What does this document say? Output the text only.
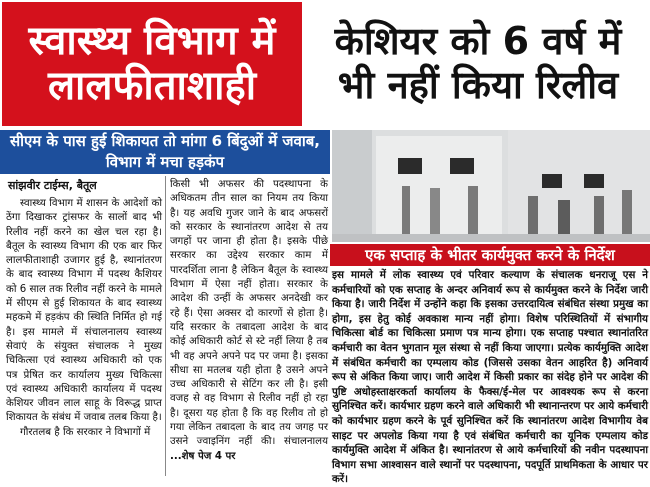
स्वास्थ्य विभाग में
लालफीताशाही
केशियर को 6 वर्ष में
भी नहीं किया रिलीव
सीएम के पास हुई शिकायत तो मांगा 6 बिंदुओं में जवाब, विभाग में मचा हड़कंप
सांझवीर टाईम्स, बैतूल

स्वास्थ्य विभाग में शासन के आदेशों को ठेंगा दिखाकर ट्रांसफर के सालों बाद भी रिलीव नहीं करने का खेल चल रहा है। बैतूल के स्वास्थ्य विभाग की एक बार फिर लालफीताशाही उजागर हुई है, स्थानांतरण के बाद स्वास्थ्य विभाग में पदस्थ कैशियर को 6 साल तक रिलीव नहीं करने के मामले में सीएम से हुई शिकायत के बाद स्वास्थ्य महकमे में हड़कंप की स्थिति निर्मित हो गई है। इस मामले में संचालनालय स्वास्थ्य सेवाएं के संयुक्त संचालक ने मुख्य चिकित्सा एवं स्वास्थ्य अधिकारी को एक पत्र प्रेषित कर कार्यालय मुख्य चिकित्सा एवं स्वास्थ्य अधिकारी कार्यालय में पदस्थ केशियर जीवन लाल साहू के विरूद्ध प्राप्त शिकायत के संबंध में जवाब तलब किया है।

गौरतलब है कि सरकार ने विभागों में

किसी भी अफसर की पदस्थापना के अधिकतम तीन साल का नियम तय किया है। यह अवधि गुजर जाने के बाद अफसरों को सरकार के स्थानांतरण आदेश से तय जगहों पर जाना ही होता है। इसके पीछे सरकार का उद्देश्य सरकार काम में पारदर्शिता लाना है लेकिन बैतूल के स्वास्थ्य विभाग में ऐसा नहीं होता। सरकार के आदेश की उन्हीं के अफसर अनदेखी कर रहे हैं। ऐसा अक्सर दो कारणों से होता है। यदि सरकार के तबादला आदेश के बाद कोई अधिकारी कोर्ट से स्टे नहीं लिया है तब भी वह अपने अपने पद पर जमा है। इसका सीधा सा मतलब यही होता है उसने अपने उच्च अधिकारी से सेटिंग कर ली है। इसी वजह से वह विभाग से रिलीव नहीं हो रहा है। दूसरा यह होता है कि वह रिलीव तो हो गया लेकिन तबादला के बाद तय जगह पर उसने ज्वाइनिंग नहीं की। संचालनालय ...शेष पेज 4 पर
एक सप्ताह के भीतर कार्यमुक्त करने के निर्देश
इस मामले में लोक स्वास्थ्य एवं परिवार कल्याण के संचालक धनराजू एस ने कर्मचारियों को एक सप्ताह के अन्दर अनिवार्य रूप से कार्यमुक्त करने के निर्देश जारी किया है। जारी निर्देश में उन्होंने कहा कि इसका उत्तरदायित्व संबंधित संस्था प्रमुख का होगा, इस हेतु कोई अवकाश मान्य नहीं होगा। विशेष परिस्थितियों में संभागीय चिकित्सा बोर्ड का चिकित्सा प्रमाण पत्र मान्य होगा। एक सप्ताह पश्चात स्थानांतरित कर्मचारी का वेतन भुगतान मूल संस्था से नहीं किया जाएगा। प्रत्येक कार्यमुक्ति आदेश में संबंधित कर्मचारी का एम्पलाय कोड (जिससे उसका वेतन आहरित है) अनिवार्य रूप से अंकित किया जाए। जारी आदेश में किसी प्रकार का संदेह होने पर आदेश की पुष्टि अधोहस्ताक्षरकर्ता कार्यालय के फैक्स/ई-मेल पर आवश्यक रूप से करना सुनिश्चित करें। कार्यभार ग्रहण करने वाले अधिकारी भी स्थानान्तरण पर आये कर्मचारी को कार्यभार ग्रहण करने के पूर्व सुनिश्चित करें कि स्थानांतरण आदेश विभागीय वेब साइट पर अपलोड किया गया है एवं संबंधित कर्मचारी का यूनिक एम्पलाय कोड कार्यमुक्ति आदेश में अंकित है। स्थानांतरण से आये कर्मचारियों की नवीन पदस्थापना विभाग सभा आश्वासन वाले स्थानों पर पदस्थापना, पदपूर्ति प्राथमिकता के आधार पर करें।
